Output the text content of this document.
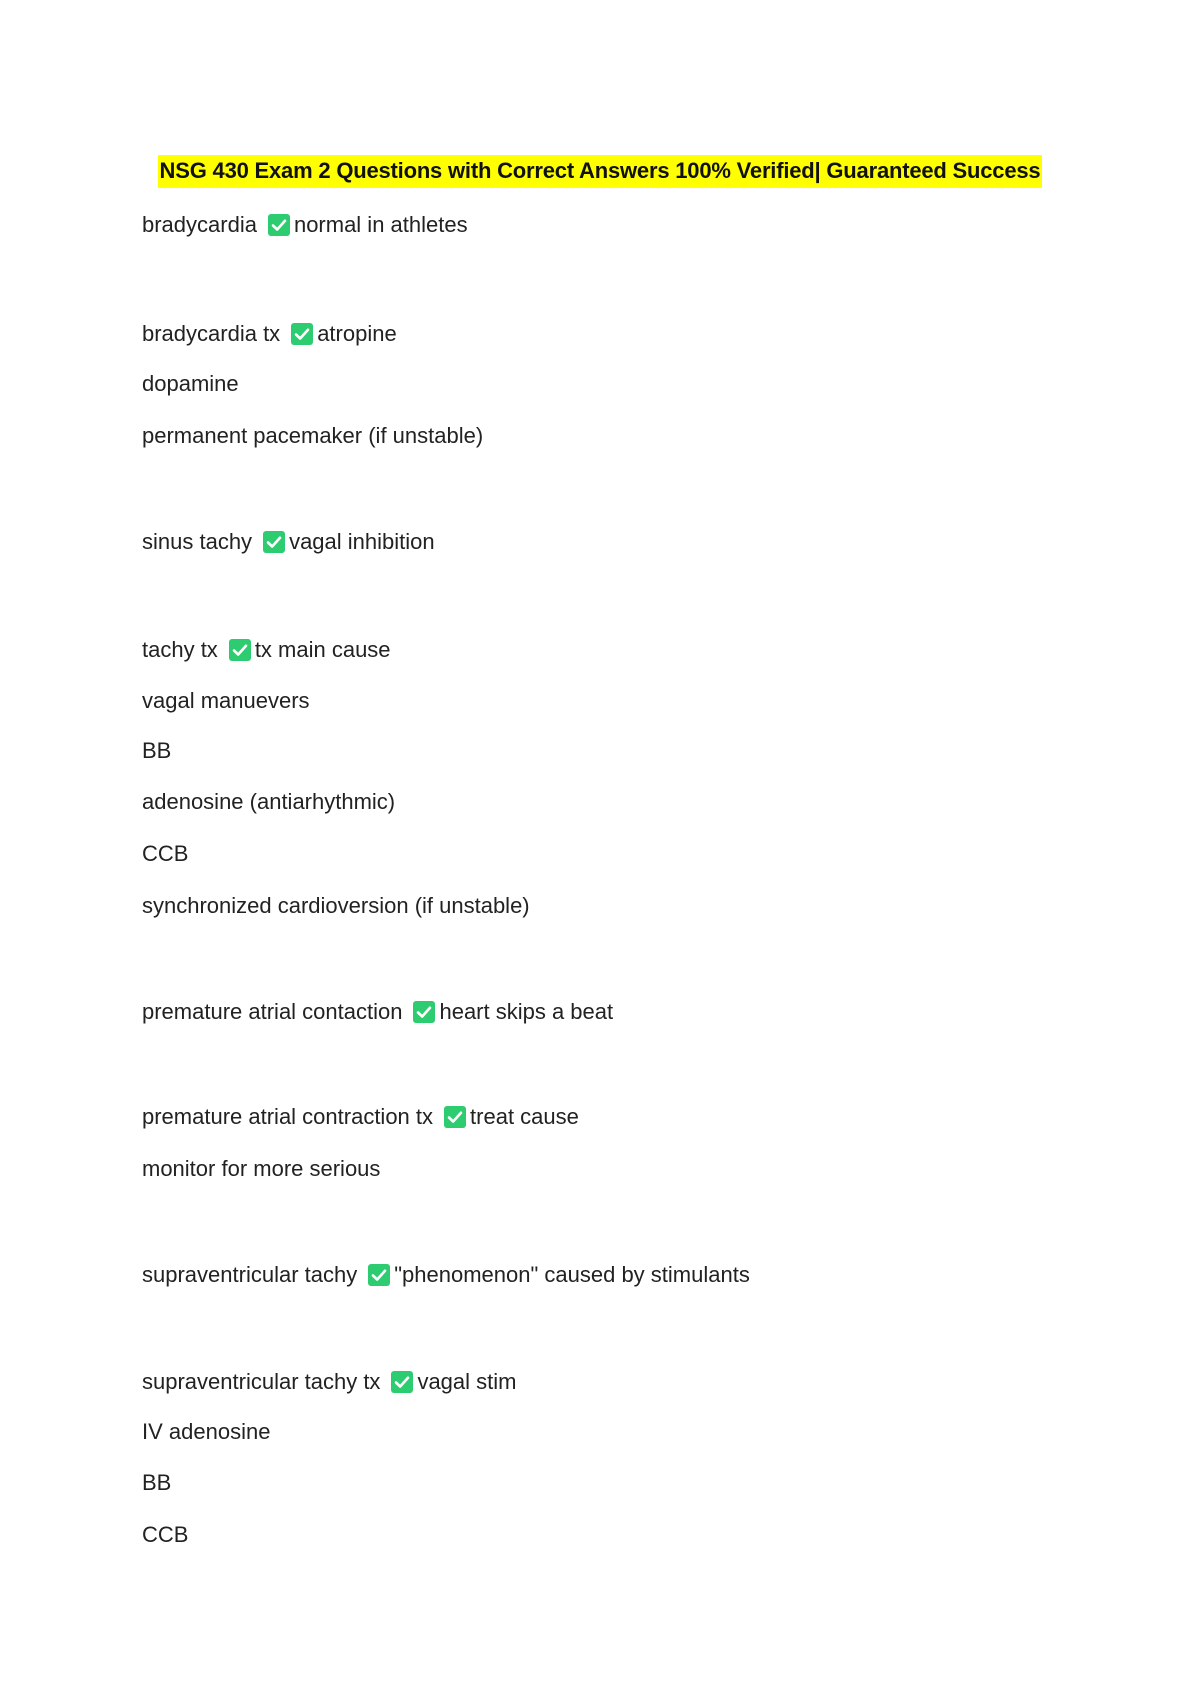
NSG 430 Exam 2 Questions with Correct Answers 100% Verified| Guaranteed Success
bradycardia normal in athletes
bradycardia tx atropine
dopamine
permanent pacemaker (if unstable)
sinus tachy vagal inhibition
tachy tx tx main cause
vagal manuevers
BB
adenosine (antiarhythmic)
CCB
synchronized cardioversion (if unstable)
premature atrial contaction heart skips a beat
premature atrial contraction tx treat cause
monitor for more serious
supraventricular tachy "phenomenon" caused by stimulants
supraventricular tachy tx vagal stim
IV adenosine
BB
CCB
